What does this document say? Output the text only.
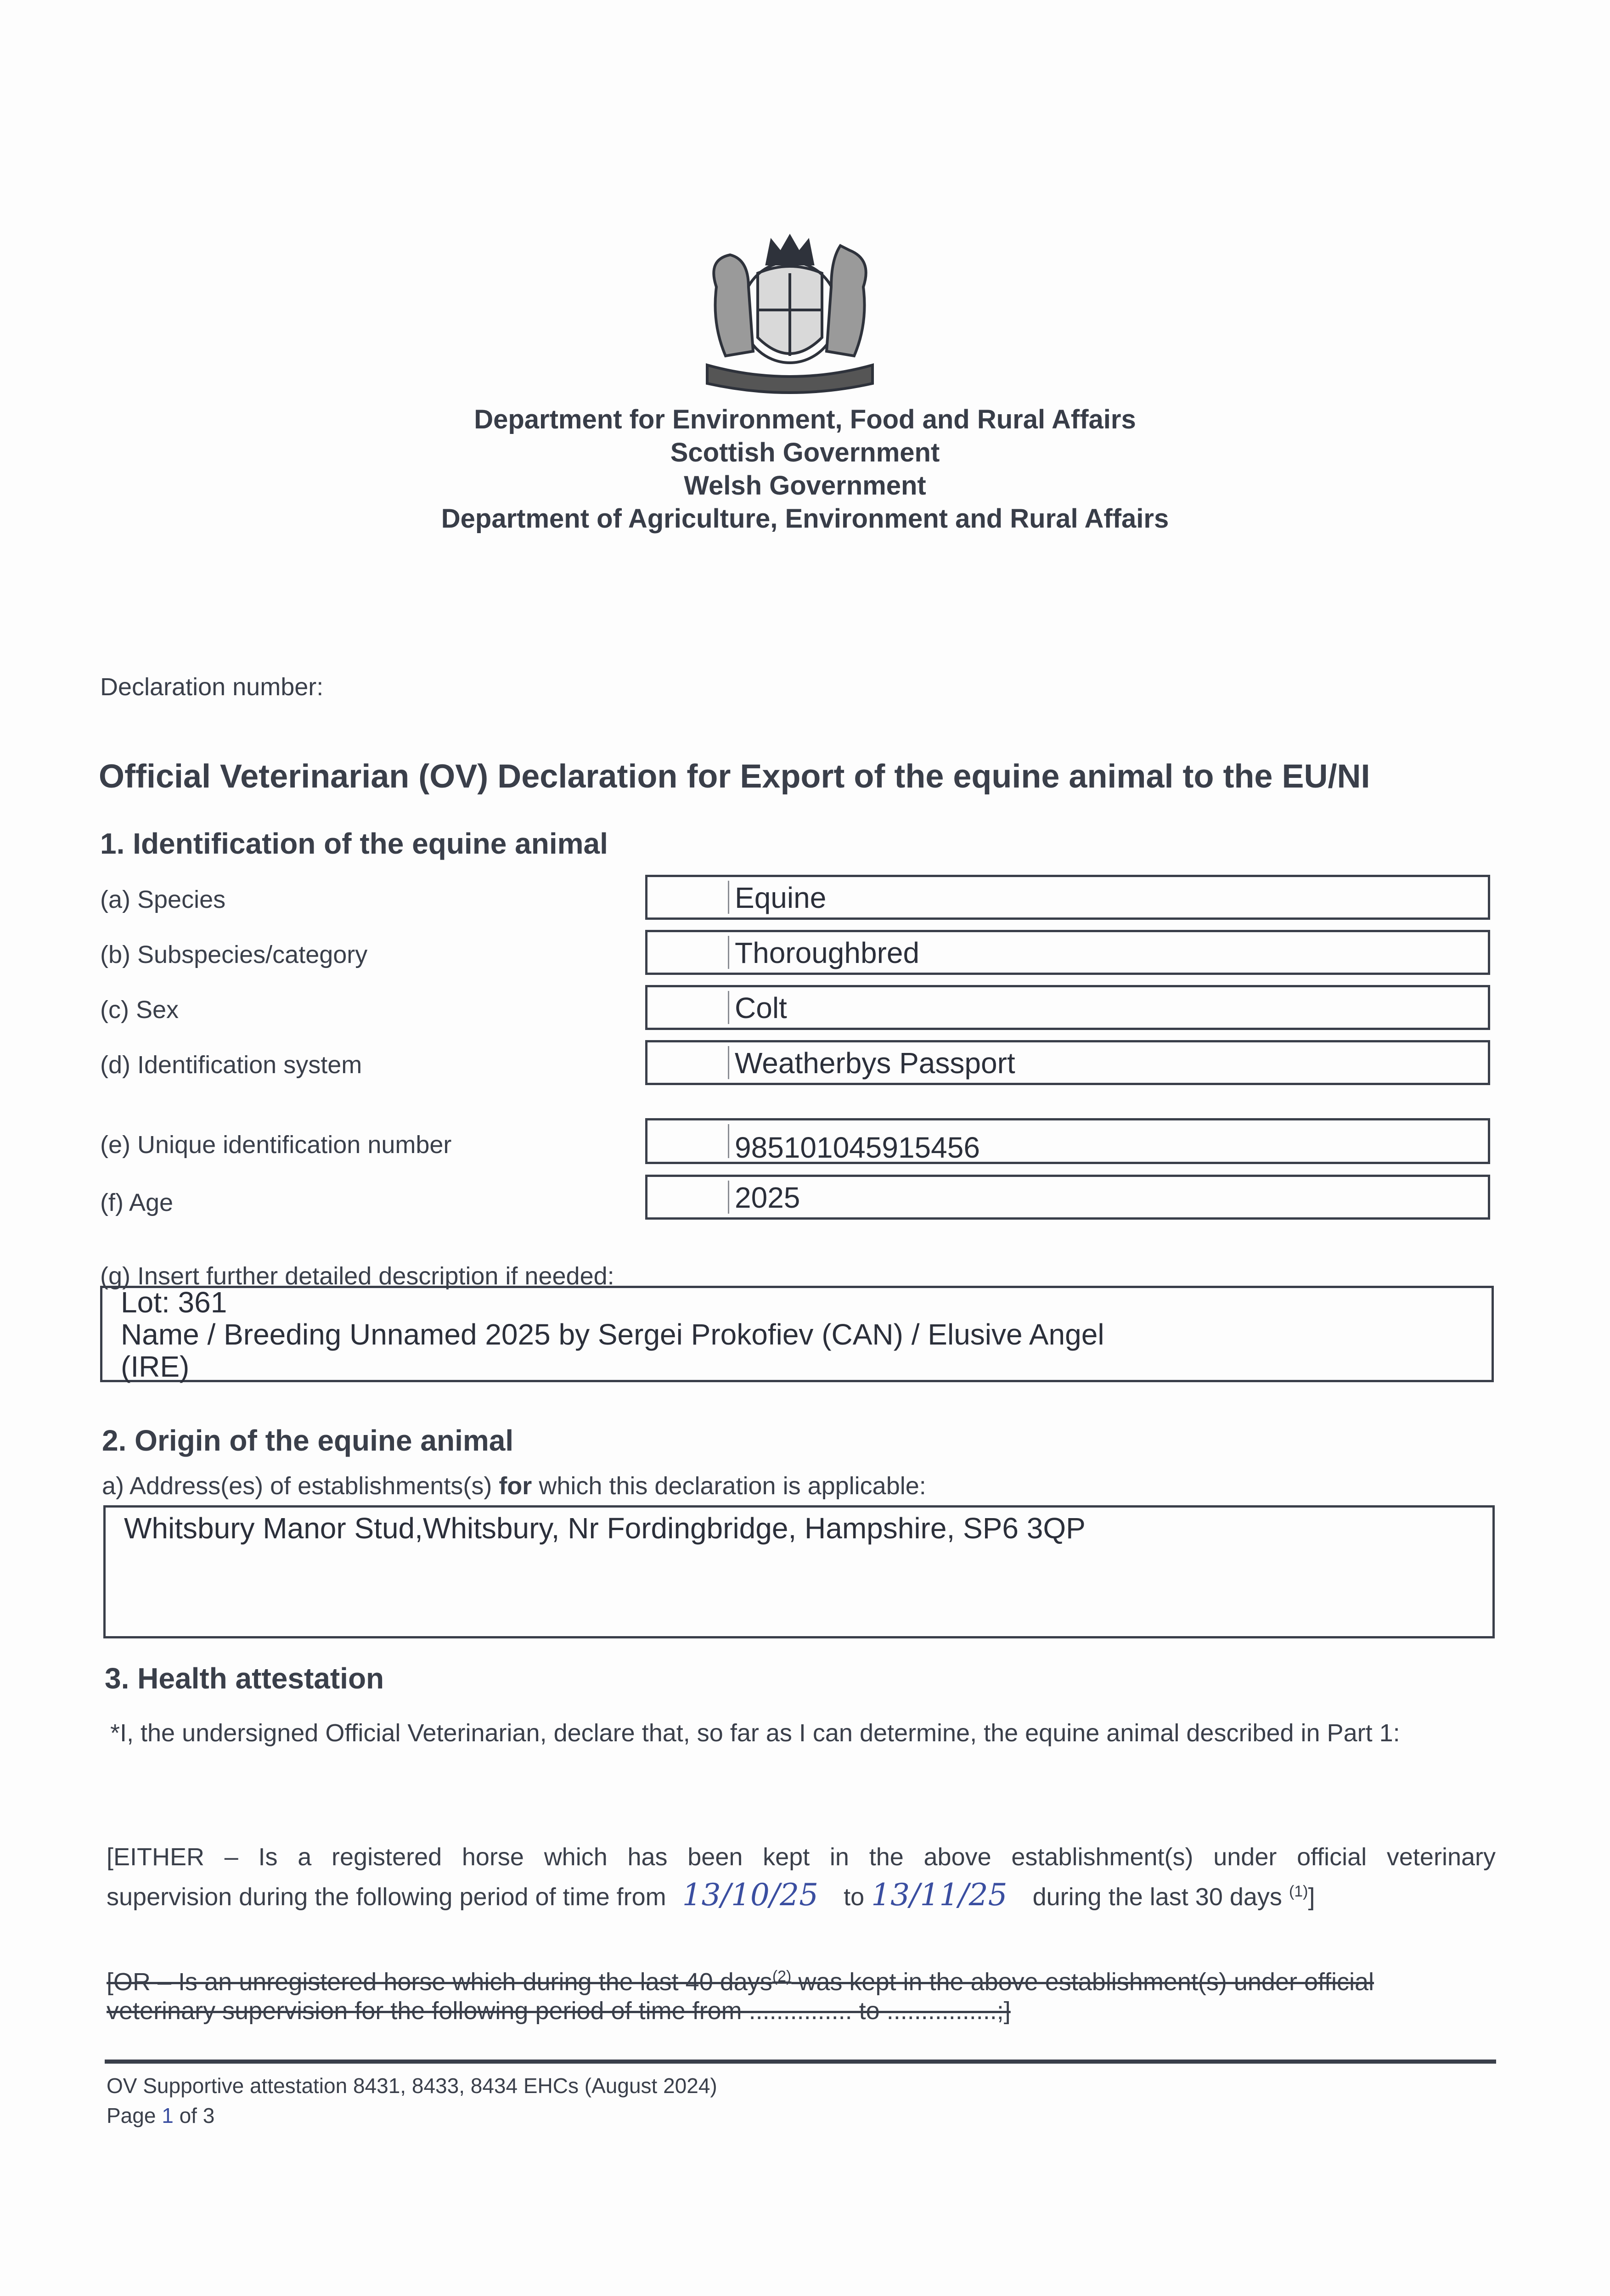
Department for Environment, Food and Rural Affairs
Scottish Government
Welsh Government
Department of Agriculture, Environment and Rural Affairs
Declaration number:
Official Veterinarian (OV) Declaration for Export of the equine animal to the EU/NI
1. Identification of the equine animal
(a) Species	Equine
(b) Subspecies/category	Thoroughbred
(c) Sex	Colt
(d) Identification system	Weatherbys Passport
(e) Unique identification number	985101045915456
(f) Age	2025
(g) Insert further detailed description if needed:
Lot: 361
Name / Breeding Unnamed 2025 by Sergei Prokofiev (CAN) / Elusive Angel
(IRE)
2. Origin of the equine animal
a) Address(es) of establishments(s) for which this declaration is applicable:
Whitsbury Manor Stud,Whitsbury, Nr Fordingbridge, Hampshire, SP6 3QP
3. Health attestation
*I, the undersigned Official Veterinarian, declare that, so far as I can determine, the equine animal described in Part 1:
[EITHER – Is a registered horse which has been kept in the above establishment(s) under official veterinary
supervision during the following period of time from 13/10/25 to 13/11/25 during the last 30 days $^{(1)}$]
[OR – Is an unregistered horse which during the last 40 days$^{(2)}$ was kept in the above establishment(s) under official
veterinary supervision for the following period of time from ............... to ................;]
OV Supportive attestation 8431, 8433, 8434 EHCs (August 2024)
Page 1 of 3
